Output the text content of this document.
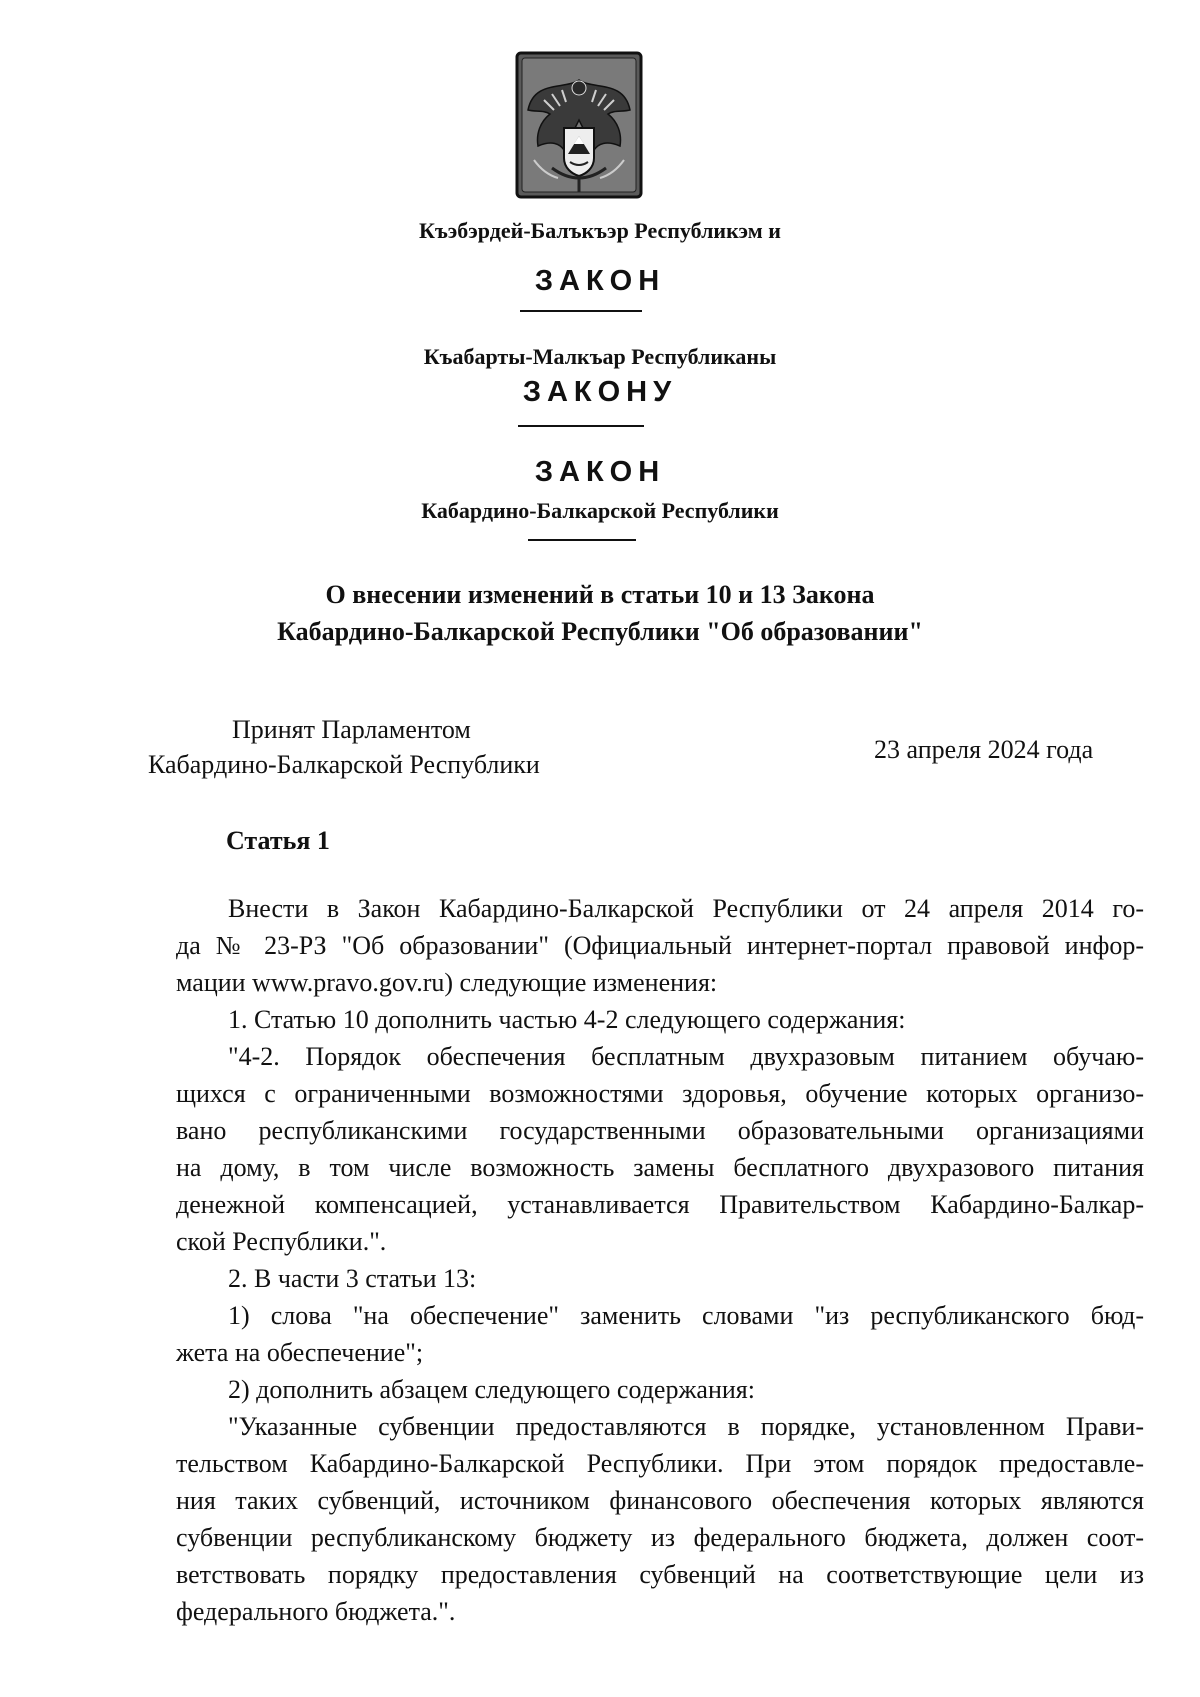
Къэбэрдей-Балъкъэр Республикэм и
ЗАКОН
Къабарты-Малкъар Республиканы
ЗАКОНУ
ЗАКОН
Кабардино-Балкарской Республики
О внесении изменений в статьи 10 и 13 Закона
Кабардино-Балкарской Республики "Об образовании"
Принят Парламентом
Кабардино-Балкарской Республики
23 апреля 2024 года
Статья 1
Внести в Закон Кабардино-Балкарской Республики от 24 апреля 2014 го-
да № 23-РЗ "Об образовании" (Официальный интернет-портал правовой инфор-
мации www.pravo.gov.ru) следующие изменения:
1. Статью 10 дополнить частью 4-2 следующего содержания:
"4-2. Порядок обеспечения бесплатным двухразовым питанием обучаю-
щихся с ограниченными возможностями здоровья, обучение которых организо-
вано республиканскими государственными образовательными организациями
на дому, в том числе возможность замены бесплатного двухразового питания
денежной компенсацией, устанавливается Правительством Кабардино-Балкар-
ской Республики.".
2. В части 3 статьи 13:
1) слова "на обеспечение" заменить словами "из республиканского бюд-
жета на обеспечение";
2) дополнить абзацем следующего содержания:
"Указанные субвенции предоставляются в порядке, установленном Прави-
тельством Кабардино-Балкарской Республики. При этом порядок предоставле-
ния таких субвенций, источником финансового обеспечения которых являются
субвенции республиканскому бюджету из федерального бюджета, должен соот-
ветствовать порядку предоставления субвенций на соответствующие цели из
федерального бюджета.".
